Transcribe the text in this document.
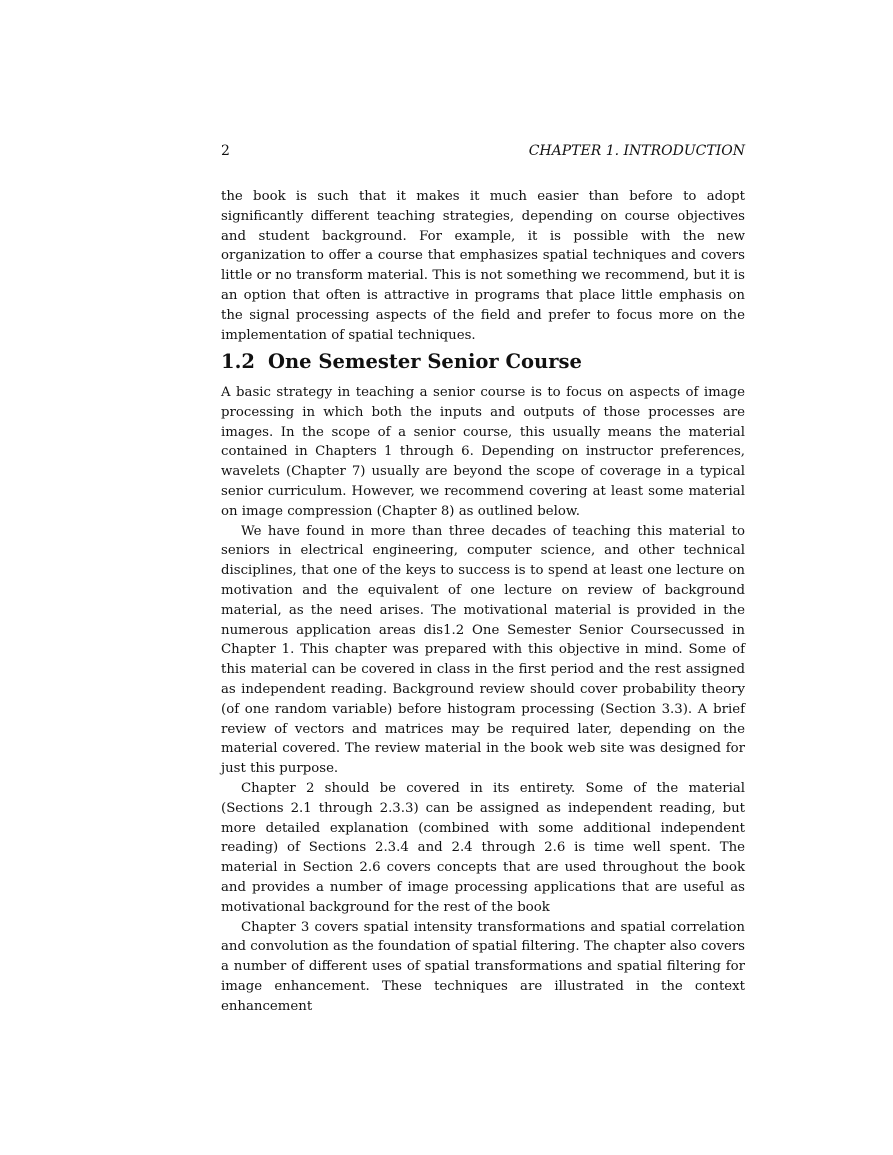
2	CHAPTER 1. INTRODUCTION

the book is such that it makes it much easier than before to adopt significantly different teaching strategies, depending on course objectives and student background. For example, it is possible with the new organization to offer a course that emphasizes spatial techniques and covers little or no transform material. This is not something we recommend, but it is an option that often is attractive in programs that place little emphasis on the signal processing aspects of the field and prefer to focus more on the implementation of spatial techniques.

1.2 One Semester Senior Course

A basic strategy in teaching a senior course is to focus on aspects of image processing in which both the inputs and outputs of those processes are images. In the scope of a senior course, this usually means the material contained in Chapters 1 through 6. Depending on instructor preferences, wavelets (Chapter 7) usually are beyond the scope of coverage in a typical senior curriculum. However, we recommend covering at least some material on image compression (Chapter 8) as outlined below.

We have found in more than three decades of teaching this material to seniors in electrical engineering, computer science, and other technical disciplines, that one of the keys to success is to spend at least one lecture on motivation and the equivalent of one lecture on review of background material, as the need arises. The motivational material is provided in the numerous application areas dis1.2 One Semester Senior Coursecussed in Chapter 1. This chapter was prepared with this objective in mind. Some of this material can be covered in class in the first period and the rest assigned as independent reading. Background review should cover probability theory (of one random variable) before histogram processing (Section 3.3). A brief review of vectors and matrices may be required later, depending on the material covered. The review material in the book web site was designed for just this purpose.

Chapter 2 should be covered in its entirety. Some of the material (Sections 2.1 through 2.3.3) can be assigned as independent reading, but more detailed explanation (combined with some additional independent reading) of Sections 2.3.4 and 2.4 through 2.6 is time well spent. The material in Section 2.6 covers concepts that are used throughout the book and provides a number of image processing applications that are useful as motivational background for the rest of the book

Chapter 3 covers spatial intensity transformations and spatial correlation and convolution as the foundation of spatial filtering. The chapter also covers a number of different uses of spatial transformations and spatial filtering for image enhancement. These techniques are illustrated in the context enhancement
